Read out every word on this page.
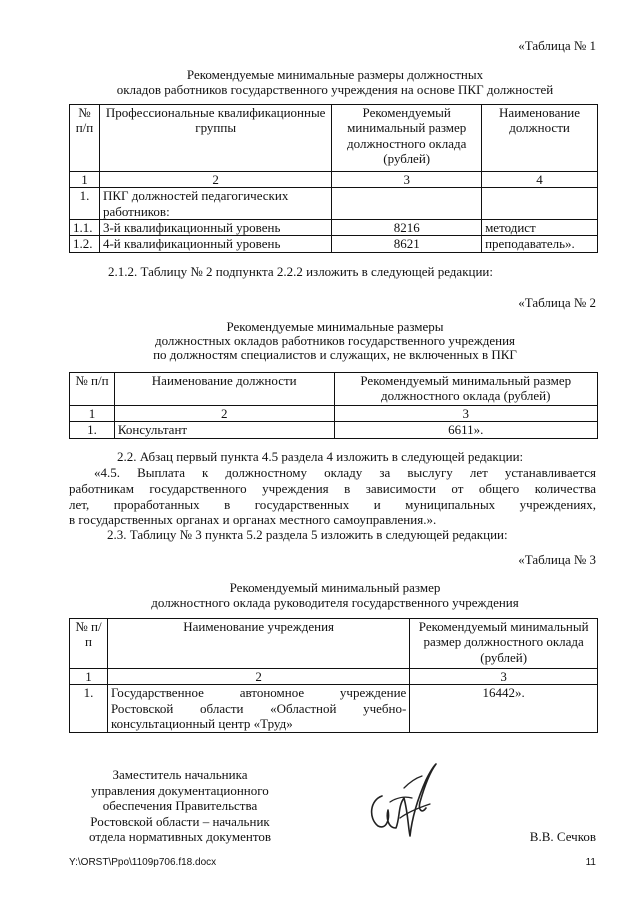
«Таблица № 1
Рекомендуемые минимальные размеры должностных
окладов работников государственного учреждения на основе ПКГ должностей
№ п/п	Профессиональные квалификационные группы	Рекомендуемый минимальный размер должностного оклада (рублей)	Наименование должности
1	2	3	4
1.	ПКГ должностей педагогических работников:		
1.1.	3-й квалификационный уровень	8216	методист
1.2.	4-й квалификационный уровень	8621	преподаватель».
2.1.2. Таблицу № 2 подпункта 2.2.2 изложить в следующей редакции:
«Таблица № 2
Рекомендуемые минимальные размеры
должностных окладов работников государственного учреждения
по должностям специалистов и служащих, не включенных в ПКГ
№ п/п	Наименование должности	Рекомендуемый минимальный размер должностного оклада (рублей)
1	2	3
1.	Консультант	6611».
2.2. Абзац первый пункта 4.5 раздела 4 изложить в следующей редакции:
«4.5. Выплата к должностному окладу за выслугу лет устанавливается
работникам государственного учреждения в зависимости от общего количества
лет, проработанных в государственных и муниципальных учреждениях,
в государственных органах и органах местного самоуправления.».
2.3. Таблицу № 3 пункта 5.2 раздела 5 изложить в следующей редакции:
«Таблица № 3
Рекомендуемый минимальный размер
должностного оклада руководителя государственного учреждения
№ п/п	Наименование учреждения	Рекомендуемый минимальный размер должностного оклада (рублей)
1	2	3
1.	Государственное автономное учреждение
Ростовской области «Областной учебно-
консультационный центр «Труд»	16442».
Заместитель начальника
управления документационного
обеспечения Правительства
Ростовской области – начальник
отдела нормативных документов	В.В. Сечков
Y:\ORST\Ppo\1109p706.f18.docx	11
